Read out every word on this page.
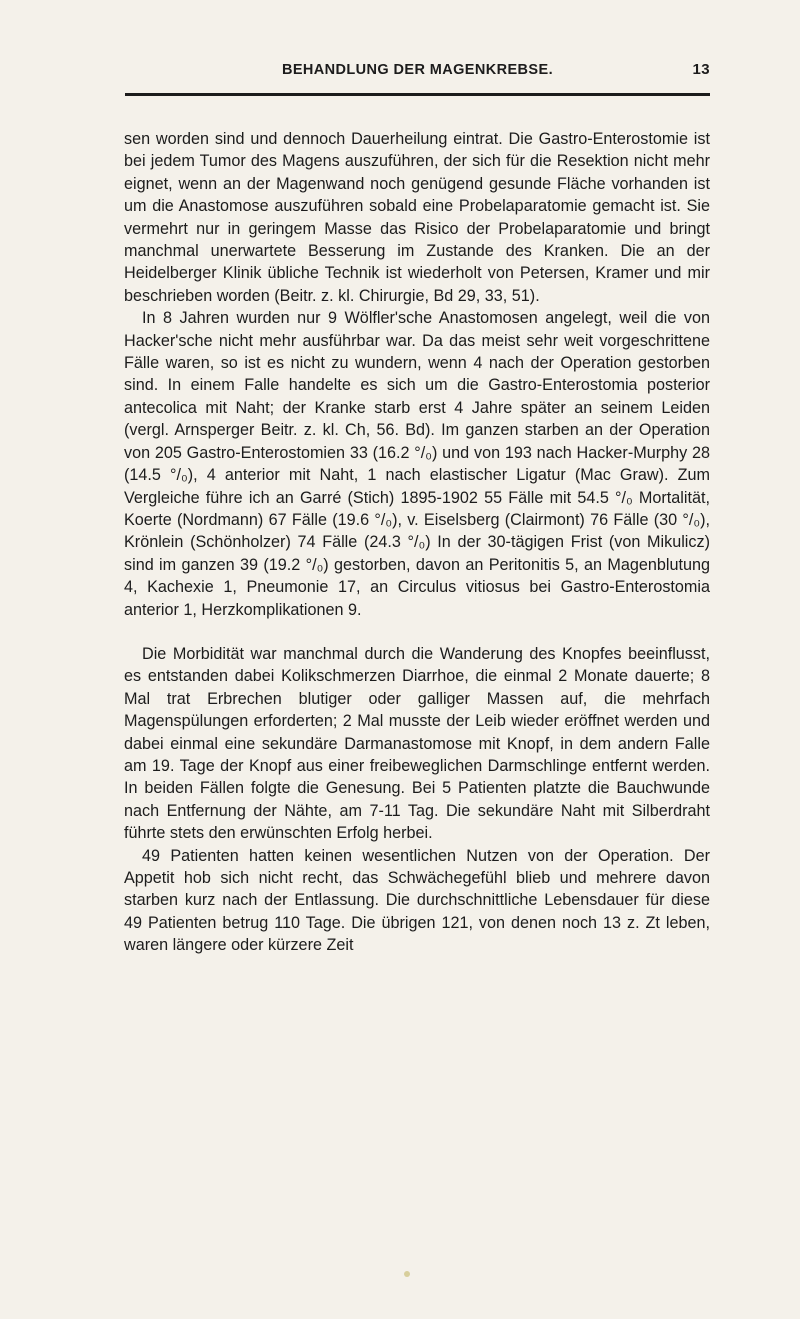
BEHANDLUNG DER MAGENKREBSE.	13

sen worden sind und dennoch Dauerheilung eintrat. Die Gastro-Enterostomie ist bei jedem Tumor des Magens auszuführen, der sich für die Resektion nicht mehr eignet, wenn an der Magenwand noch genügend gesunde Fläche vorhanden ist um die Anastomose auszuführen sobald eine Probelaparatomie gemacht ist. Sie vermehrt nur in geringem Masse das Risico der Probelaparatomie und bringt manchmal unerwartete Besserung im Zustande des Kranken. Die an der Heidelberger Klinik übliche Technik ist wiederholt von Petersen, Kramer und mir beschrieben worden (Beitr. z. kl. Chirurgie, Bd 29, 33, 51).

In 8 Jahren wurden nur 9 Wölfler'sche Anastomosen angelegt, weil die von Hacker'sche nicht mehr ausführbar war. Da das meist sehr weit vorgeschrittene Fälle waren, so ist es nicht zu wundern, wenn 4 nach der Operation gestorben sind. In einem Falle handelte es sich um die Gastro-Enterostomia posterior antecolica mit Naht; der Kranke starb erst 4 Jahre später an seinem Leiden (vergl. Arnsperger Beitr. z. kl. Ch, 56. Bd). Im ganzen starben an der Operation von 205 Gastro-Enterostomien 33 (16.2 °/₀) und von 193 nach Hacker-Murphy 28 (14.5 °/₀), 4 anterior mit Naht, 1 nach elastischer Ligatur (Mac Graw). Zum Vergleiche führe ich an Garré (Stich) 1895-1902 55 Fälle mit 54.5 °/₀ Mortalität, Koerte (Nordmann) 67 Fälle (19.6 °/₀), v. Eiselsberg (Clairmont) 76 Fälle (30 °/₀), Krönlein (Schönholzer) 74 Fälle (24.3 °/₀) In der 30-tägigen Frist (von Mikulicz) sind im ganzen 39 (19.2 °/₀) gestorben, davon an Peritonitis 5, an Magenblutung 4, Kachexie 1, Pneumonie 17, an Circulus vitiosus bei Gastro-Enterostomia anterior 1, Herzkomplikationen 9.

Die Morbidität war manchmal durch die Wanderung des Knopfes beeinflusst, es entstanden dabei Kolikschmerzen Diarrhoe, die einmal 2 Monate dauerte; 8 Mal trat Erbrechen blutiger oder galliger Massen auf, die mehrfach Magenspülungen erforderten; 2 Mal musste der Leib wieder eröffnet werden und dabei einmal eine sekundäre Darmanastomose mit Knopf, in dem andern Falle am 19. Tage der Knopf aus einer freibeweglichen Darmschlinge entfernt werden. In beiden Fällen folgte die Genesung. Bei 5 Patienten platzte die Bauchwunde nach Entfernung der Nähte, am 7-11 Tag. Die sekundäre Naht mit Silberdraht führte stets den erwünschten Erfolg herbei.

49 Patienten hatten keinen wesentlichen Nutzen von der Operation. Der Appetit hob sich nicht recht, das Schwächegefühl blieb und mehrere davon starben kurz nach der Entlassung. Die durchschnittliche Lebensdauer für diese 49 Patienten betrug 110 Tage. Die übrigen 121, von denen noch 13 z. Zt leben, waren längere oder kürzere Zeit
